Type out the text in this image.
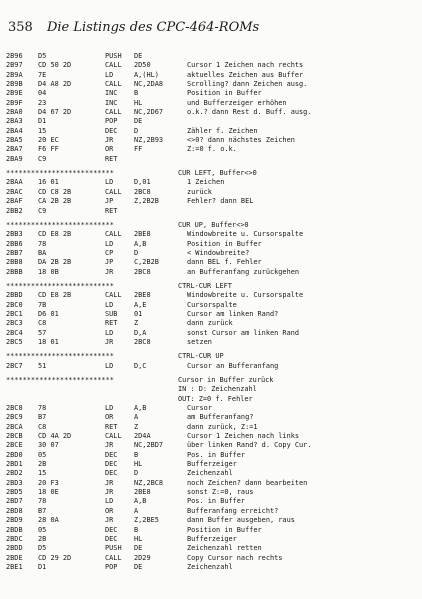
358 Die Listings des CPC-464-ROMs
2B96 D5	PUSH DE
2B97 CD 50 2D	CALL 2D50	Cursor 1 Zeichen nach rechts
2B9A 7E	LD	A,(HL)	aktuelles Zeichen aus Buffer
2B9B D4 A8 2D	CALL NC,2DA8	Scrolling? dann Zeichen ausg.
2B9E 04	INC B	Position in Buffer
2B9F 23	INC HL	und Bufferzeiger erhöhen
2BA0 D4 67 2D	CALL NC,2D67	o.k.? dann Rest d. Buff. ausg.
2BA3 D1	POP DE
2BA4 15	DEC D	Zähler f. Zeichen
2BA5 20 EC	JR	NZ,2B93	<>0? dann nächstes Zeichen
2BA7 F6 FF	OR	FF	Z:=0 f. o.k.
2BA9 C9	RET
**************************	CUR LEFT, Buffer<>0
2BAA 16 01	LD	D,01	1 Zeichen
2BAC CD C8 2B	CALL 2BC8	zurück
2BAF CA 2B 2B	JP	Z,2B2B	Fehler? dann BEL
2BB2 C9	RET
**************************	CUR UP, Buffer<>0
2BB3 CD E8 2B	CALL 2BE8	Windowbreite u. Cursorspalte
2BB6 78	LD	A,B	Position in Buffer
2BB7 BA	CP	D	< Windowbreite?
2BB8 DA 2B 2B	JP	C,2B2B	dann BEL f. Fehler
2BBB 18 0B	JR	2BC8	an Bufferanfang zurückgehen
**************************	CTRL-CUR LEFT
2BBD CD E8 2B	CALL 2BE8	Windowbreite u. Cursorspalte
2BC0 7B	LD	A,E	Cursorspalte
2BC1 D6 01	SUB 01	Cursor am linken Rand?
2BC3 C8	RET Z	dann zurück
2BC4 57	LD	D,A	sonst Cursor am linken Rand
2BC5 18 01	JR	2BC8	setzen
**************************	CTRL-CUR UP
2BC7 51	LD	D,C	Cursor an Bufferanfang
**************************	Cursor in Buffer zurück
IN : D: Zeichenzahl
OUT: Z=0 f. Fehler
2BC8 78	LD	A,B	Cursor
2BC9 B7	OR	A	am Bufferanfang?
2BCA C8	RET Z	dann zurück, Z:=1
2BCB CD 4A 2D	CALL 2D4A	Cursor 1 Zeichen nach links
2BCE 30 07	JR	NC,2BD7	über linken Rand? d. Copy Cur.
2BD0 05	DEC B	Pos. in Buffer
2BD1 2B	DEC HL	Bufferzeiger
2BD2 15	DEC D	Zeichenzahl
2BD3 20 F3	JR	NZ,2BC8	noch Zeichen? dann bearbeiten
2BD5 18 0E	JR	2BE8	sonst Z:=0, raus
2BD7 78	LD	A,B	Pos. in Buffer
2BD8 B7	OR	A	Bufferanfang erreicht?
2BD9 28 0A	JR	Z,2BE5	dann Buffer ausgeben, raus
2BDB 05	DEC B	Position in Buffer
2BDC 2B	DEC HL	Bufferzeiger
2BDD D5	PUSH DE	Zeichenzahl retten
2BDE CD 29 2D	CALL 2D29	Copy Cursor nach rechts
2BE1 D1	POP DE	Zeichenzahl
